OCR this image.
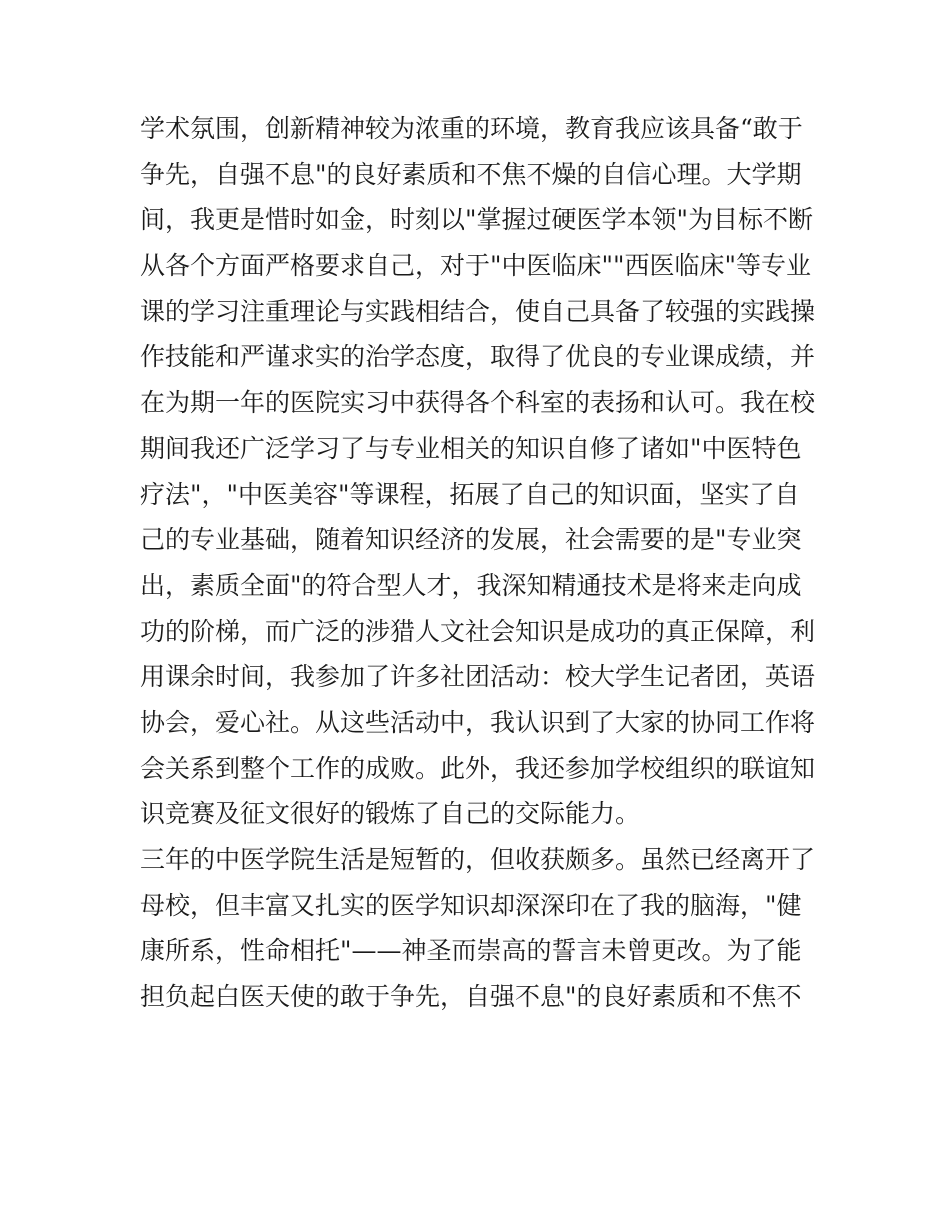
学术氛围，创新精神较为浓重的环境，教育我应该具备“敢于
争先，自强不息"的良好素质和不焦不燥的自信心理。大学期
间，我更是惜时如金，时刻以"掌握过硬医学本领"为目标不断
从各个方面严格要求自己，对于"中医临床""西医临床"等专业
课的学习注重理论与实践相结合，使自己具备了较强的实践操
作技能和严谨求实的治学态度，取得了优良的专业课成绩，并
在为期一年的医院实习中获得各个科室的表扬和认可。我在校
期间我还广泛学习了与专业相关的知识自修了诸如"中医特色
疗法"，"中医美容"等课程，拓展了自己的知识面，坚实了自
己的专业基础，随着知识经济的发展，社会需要的是"专业突
出，素质全面"的符合型人才，我深知精通技术是将来走向成
功的阶梯，而广泛的涉猎人文社会知识是成功的真正保障，利
用课余时间，我参加了许多社团活动：校大学生记者团，英语
协会，爱心社。从这些活动中，我认识到了大家的协同工作将
会关系到整个工作的成败。此外，我还参加学校组织的联谊知
识竞赛及征文很好的锻炼了自己的交际能力。
三年的中医学院生活是短暂的，但收获颇多。虽然已经离开了
母校，但丰富又扎实的医学知识却深深印在了我的脑海，"健
康所系，性命相托"——神圣而崇高的誓言未曾更改。为了能
担负起白医天使的敢于争先，自强不息"的良好素质和不焦不
